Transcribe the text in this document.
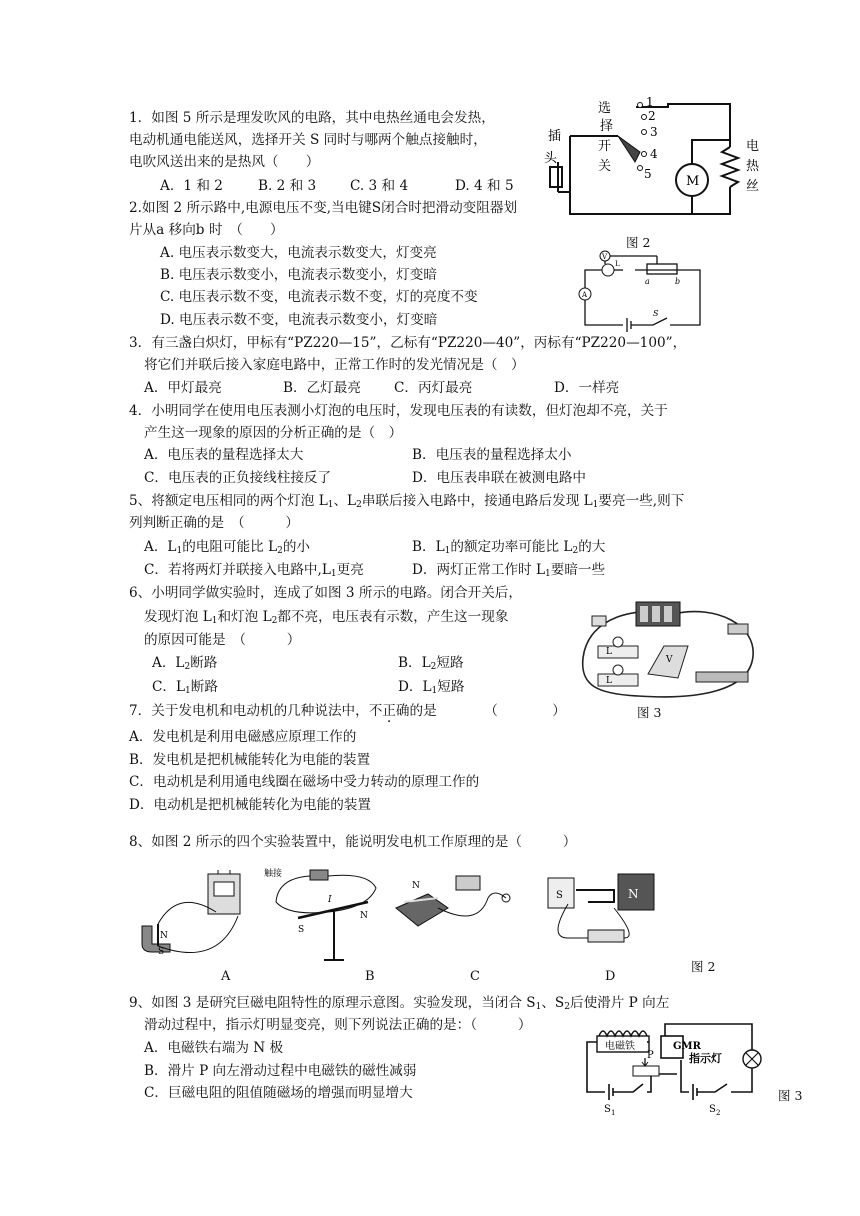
1．如图 5 所示是理发吹风的电路，其中电热丝通电会发热，
电动机通电能送风，选择开关 S 同时与哪两个触点接触时，
电吹风送出来的是热风（　　）
A．1 和 2	B. 2 和 3 C. 3 和 4	D. 4 和 5
选
择
开
关
插
头
电
热
丝
1
2
3
4
5	M
2.如图 2 所示路中,电源电压不变,当电键S闭合时把滑动变阻器划
片从a 移向b 时　（　　）
A. 电压表示数变大，电流表示数变大，灯变亮
B. 电压表示数变小，电流表示数变小，灯变暗
C. 电压表示数不变，电流表示数不变，灯的亮度不变
D. 电压表示数不变，电流表示数变小，灯变暗
图 2
V
A
L
a	b
S
3．有三盏白炽灯，甲标有“PZ220—15”，乙标有“PZ220—40”，丙标有“PZ220—100”，
将它们并联后接入家庭电路中，正常工作时的发光情况是（　）
A．甲灯最亮	B．乙灯最亮 C．丙灯最亮	D．一样亮
4．小明同学在使用电压表测小灯泡的电压时，发现电压表的有读数，但灯泡却不亮，关于
产生这一现象的原因的分析正确的是（　）
A．电压表的量程选择太大	B．电压表的量程选择太小
C．电压表的正负接线柱接反了	D．电压表串联在被测电路中
5、将额定电压相同的两个灯泡 $L_1$、$L_2$串联后接入电路中，接通电路后发现 $L_1$要亮一些,则下
列判断正确的是　（　　　）
A．$L_1$的电阻可能比 $L_2$的小	B．$L_1$的额定功率可能比 $L_2$的大
C．若将两灯并联接入电路中$,L_1$更亮	D．两灯正常工作时 $L_1$要暗一些
6、小明同学做实验时，连成了如图 3 所示的电路。闭合开关后，
发现灯泡 $L_1$和灯泡 $L_2$都不亮，电压表有示数，产生这一现象
的原因可能是　（　　　）
A．$L_2$断路	B．$L_2$短路
C．$L_1$断路	D．$L_1$短路
L
L
V
图 3
7．关于发电机和电动机的几种说法中，不正确的是　　　　（　　　　）
A．发电机是利用电磁感应原理工作的
B．发电机是把机械能转化为电能的装置
C．电动机是利用通电线圈在磁场中受力转动的原理工作的
D．电动机是把机械能转化为电能的装置
8、如图 2 所示的四个实验装置中，能说明发电机工作原理的是（　　　）
N
S
触接
S
N
I
N
S	N
A	B	C	D
图 2
9、如图 3 是研究巨磁电阻特性的原理示意图。实验发现，当闭合 $S_1$、$S_2$后使滑片 P 向左
滑动过程中，指示灯明显变亮，则下列说法正确的是：（　　　）
A．电磁铁右端为 N 极
B．滑片 P 向左滑动过程中电磁铁的磁性减弱
C．巨磁电阻的阻值随磁场的增强而明显增大
电磁铁	GMR
指示灯
P
S 1	S 2
图 3
